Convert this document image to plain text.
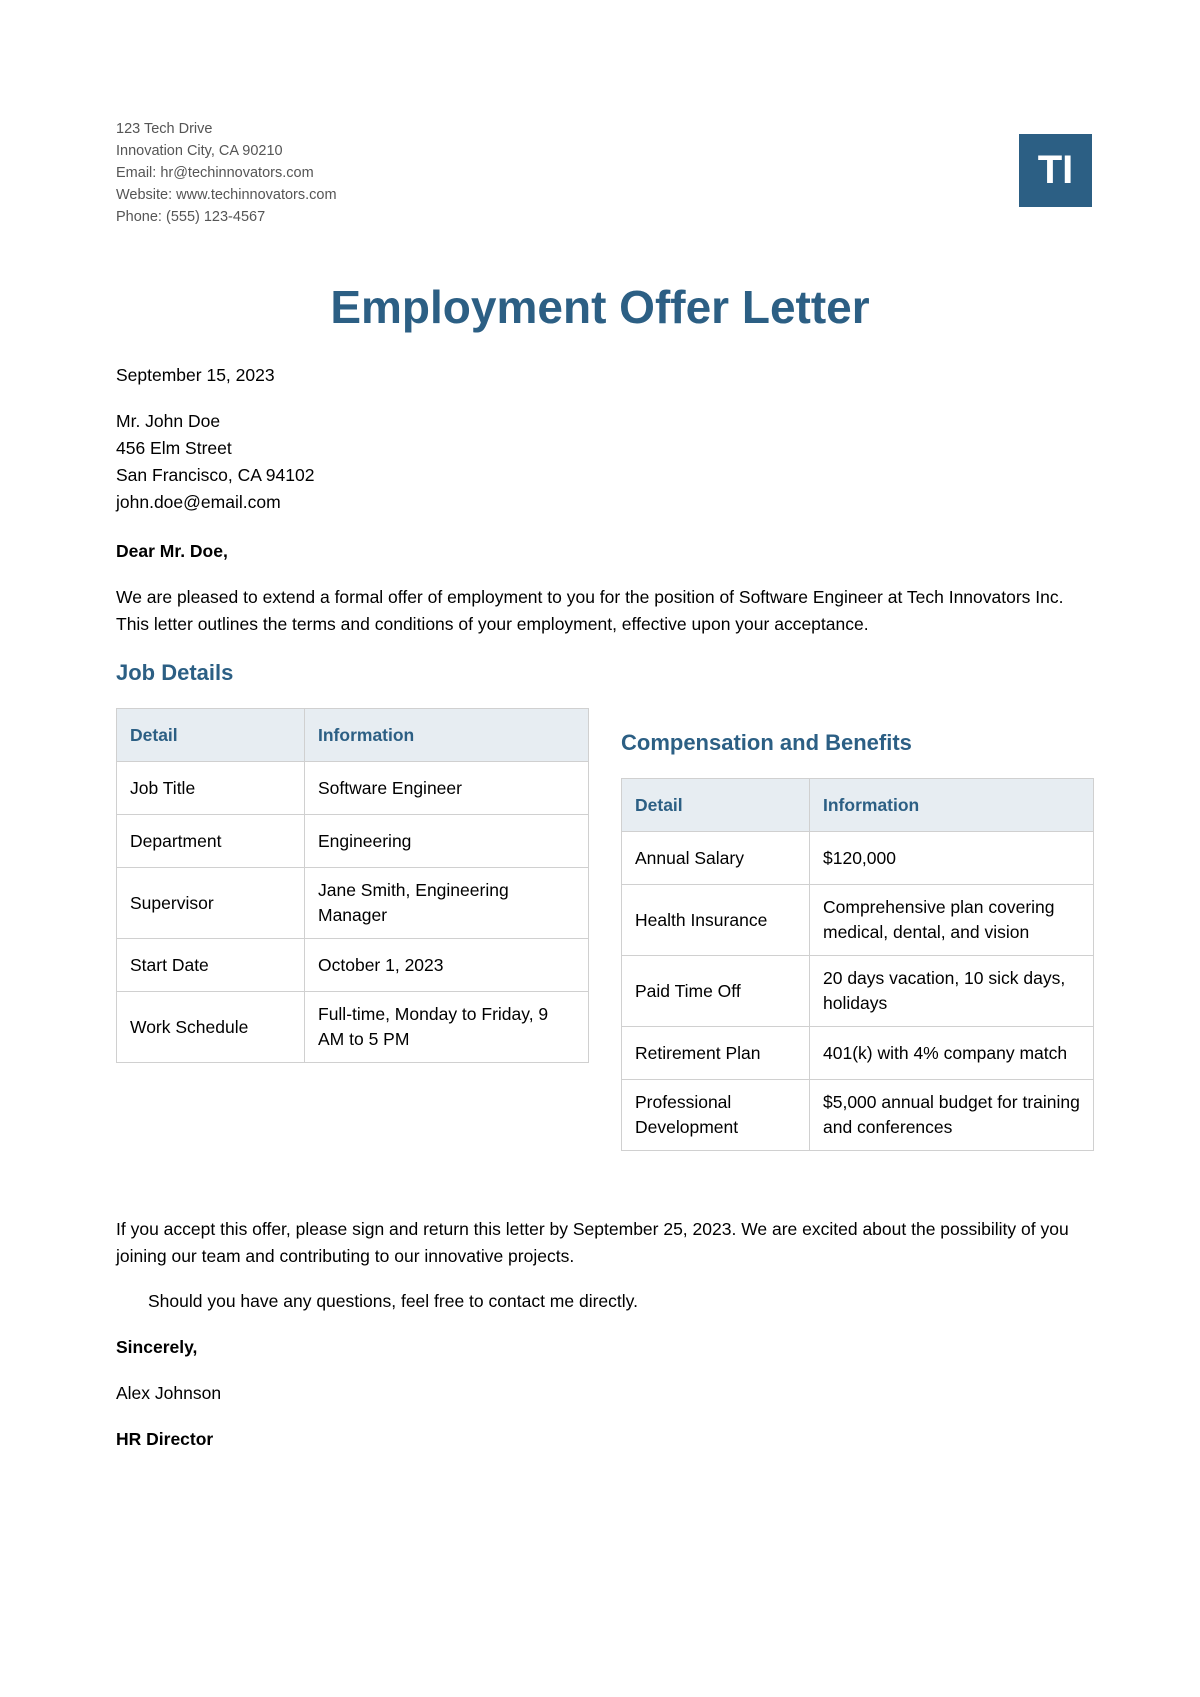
123 Tech Drive
Innovation City, CA 90210
Email: hr@techinnovators.com
Website: www.techinnovators.com
Phone: (555) 123-4567
TI
Employment Offer Letter
September 15, 2023
Mr. John Doe
456 Elm Street
San Francisco, CA 94102
john.doe@email.com
Dear Mr. Doe,
We are pleased to extend a formal offer of employment to you for the position of Software Engineer at Tech Innovators Inc. This letter outlines the terms and conditions of your employment, effective upon your acceptance.
Job Details
Detail	Information
Job Title	Software Engineer
Department	Engineering
Supervisor	Jane Smith, Engineering Manager
Start Date	October 1, 2023
Work Schedule	Full-time, Monday to Friday, 9 AM to 5 PM
Compensation and Benefits
Detail	Information
Annual Salary	$120,000
Health Insurance	Comprehensive plan covering medical, dental, and vision
Paid Time Off	20 days vacation, 10 sick days, holidays
Retirement Plan	401(k) with 4% company match
Professional Development	$5,000 annual budget for training and conferences
If you accept this offer, please sign and return this letter by September 25, 2023. We are excited about the possibility of you joining our team and contributing to our innovative projects.
Should you have any questions, feel free to contact me directly.
Sincerely,
Alex Johnson
HR Director
